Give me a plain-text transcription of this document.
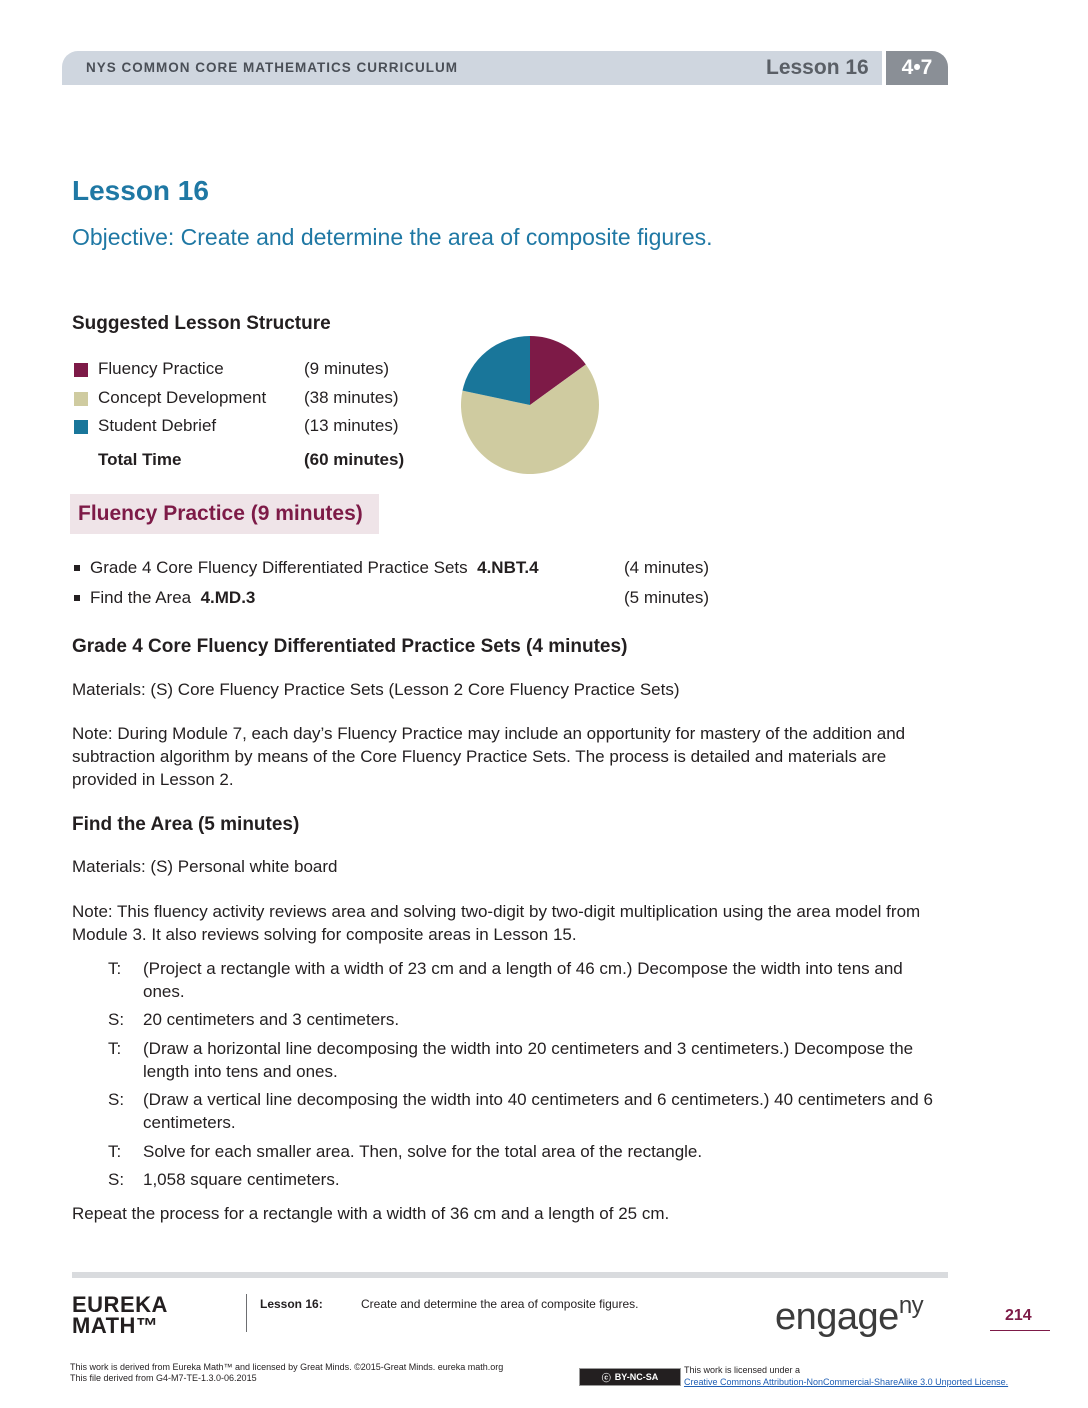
NYS COMMON CORE MATHEMATICS CURRICULUM	Lesson 16	4•7
Lesson 16
Objective: Create and determine the area of composite figures.
Suggested Lesson Structure
Fluency Practice	(9 minutes)
Concept Development (38 minutes)
Student Debrief	(13 minutes)
Total Time	(60 minutes)
Fluency Practice (9 minutes)
Grade 4 Core Fluency Differentiated Practice Sets 4.NBT.4	(4 minutes)
Find the Area 4.MD.3	(5 minutes)
Grade 4 Core Fluency Differentiated Practice Sets (4 minutes)
Materials: (S) Core Fluency Practice Sets (Lesson 2 Core Fluency Practice Sets)
Note: During Module 7, each day’s Fluency Practice may include an opportunity for mastery of the addition and subtraction algorithm by means of the Core Fluency Practice Sets. The process is detailed and materials are provided in Lesson 2.
Find the Area (5 minutes)
Materials: (S) Personal white board
Note: This fluency activity reviews area and solving two-digit by two-digit multiplication using the area model from Module 3. It also reviews solving for composite areas in Lesson 15.
T: (Project a rectangle with a width of 23 cm and a length of 46 cm.) Decompose the width into tens and ones.
S: 20 centimeters and 3 centimeters.
T: (Draw a horizontal line decomposing the width into 20 centimeters and 3 centimeters.) Decompose the length into tens and ones.
S: (Draw a vertical line decomposing the width into 40 centimeters and 6 centimeters.) 40 centimeters and 6 centimeters.
T: Solve for each smaller area. Then, solve for the total area of the rectangle.
S: 1,058 square centimeters.
Repeat the process for a rectangle with a width of 36 cm and a length of 25 cm.
EUREKA
MATH™
Lesson 16:	Create and determine the area of composite figures.	engage$^{ny}$	214
This work is derived from Eureka Math™ and licensed by Great Minds. ©2015-Great Minds. eureka math.org
This file derived from G4-M7-TE-1.3.0-06.2015	ⓒ BY-NC-SA
This work is licensed under a
Creative Commons Attribution-NonCommercial-ShareAlike 3.0 Unported License.
